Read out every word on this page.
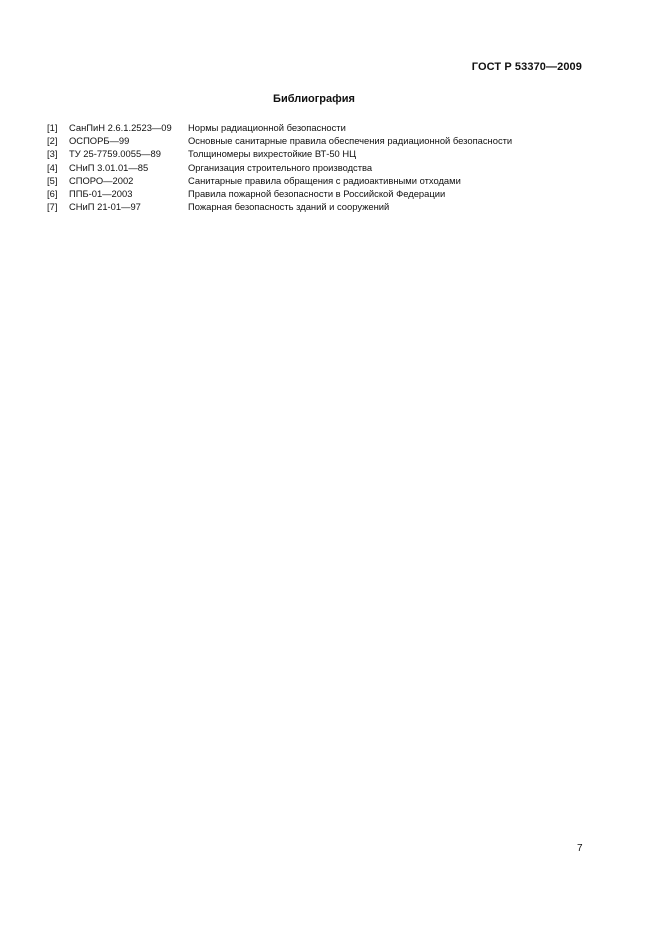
ГОСТ Р 53370—2009
Библиография
[1]	СанПиН 2.6.1.2523—09	Нормы радиационной безопасности
[2]	ОСПОРБ—99	Основные санитарные правила обеспечения радиационной безопасности
[3]	ТУ 25-7759.0055—89	Толщиномеры вихрестойкие ВТ-50 НЦ
[4]	СНиП 3.01.01—85	Организация строительного производства
[5]	СПОРО—2002	Санитарные правила обращения с радиоактивными отходами
[6]	ППБ-01—2003	Правила пожарной безопасности в Российской Федерации
[7]	СНиП 21-01—97	Пожарная безопасность зданий и сооружений
7
